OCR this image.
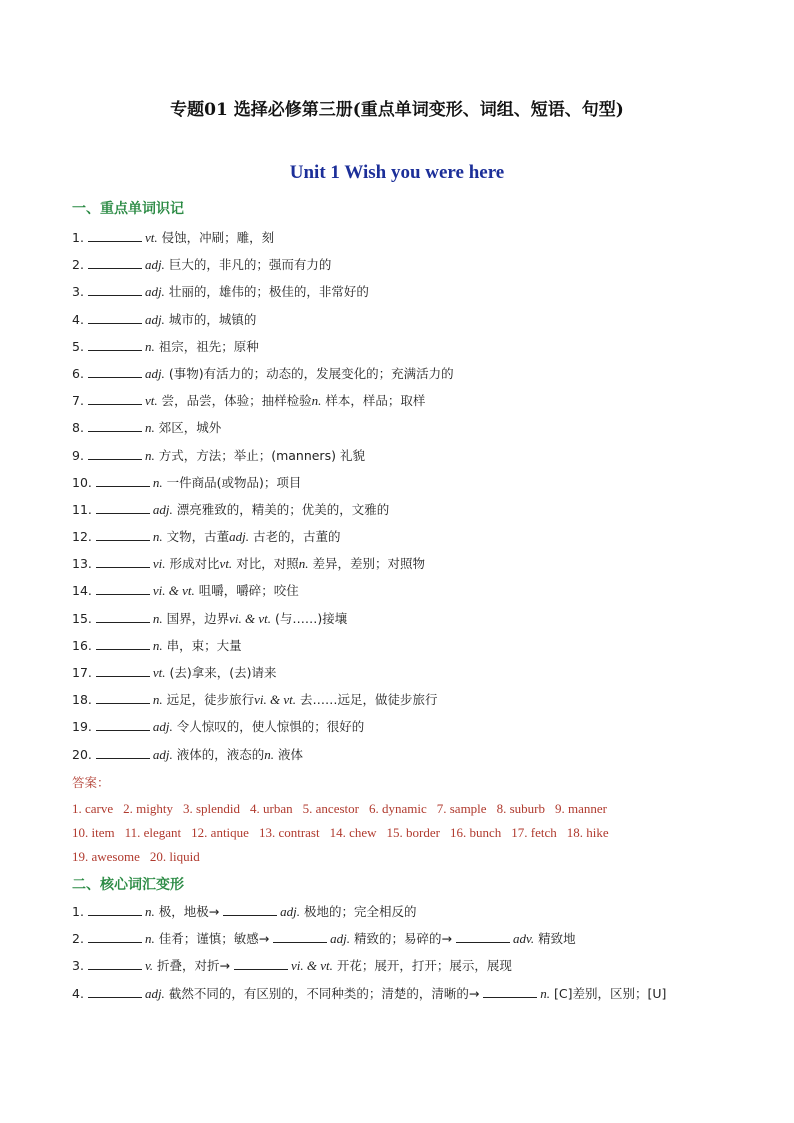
专题01 选择必修第三册(重点单词变形、词组、短语、句型)
Unit 1 Wish you were here
一、重点单词识记
1.	vt. 侵蚀，冲刷；雕，刻
2.	adj. 巨大的，非凡的；强而有力的
3.	adj. 壮丽的，雄伟的；极佳的，非常好的
4.	adj. 城市的，城镇的
5.	n. 祖宗，祖先；原种
6.	adj. (事物)有活力的；动态的，发展变化的；充满活力的
7.	vt. 尝，品尝，体验；抽样检验n. 样本，样品；取样
8.	n. 郊区，城外
9.	n. 方式，方法；举止；(manners) 礼貌
10.	n. 一件商品(或物品)；项目
11.	adj. 漂亮雅致的，精美的；优美的，文雅的
12.	n. 文物，古董adj. 古老的，古董的
13.	vi. 形成对比vt. 对比，对照n. 差异，差别；对照物
14.	vi. & vt. 咀嚼，嚼碎；咬住
15.	n. 国界，边界vi. & vt. (与……)接壤
16.	n. 串，束；大量
17.	vt. (去)拿来，(去)请来
18.	n. 远足，徒步旅行vi. & vt. 去……远足，做徒步旅行
19.	adj. 令人惊叹的，使人惊惧的；很好的
20.	adj. 液体的，液态的n. 液体
答案：
1. carve 2. mighty 3. splendid 4. urban 5. ancestor 6. dynamic 7. sample 8. suburb 9. manner
10. item 11. elegant 12. antique 13. contrast 14. chew 15. border 16. bunch 17. fetch 18. hike
19. awesome 20. liquid
二、核心词汇变形
1.	n. 极，地极→	adj. 极地的；完全相反的
2.	n. 佳肴；谨慎；敏感→	adj. 精致的；易碎的→	adv. 精致地
3.	v. 折叠，对折→	vi. & vt. 开花；展开，打开；展示，展现
4.	adj. 截然不同的，有区别的，不同种类的；清楚的，清晰的→	n. [C]差别，区别；[U]
